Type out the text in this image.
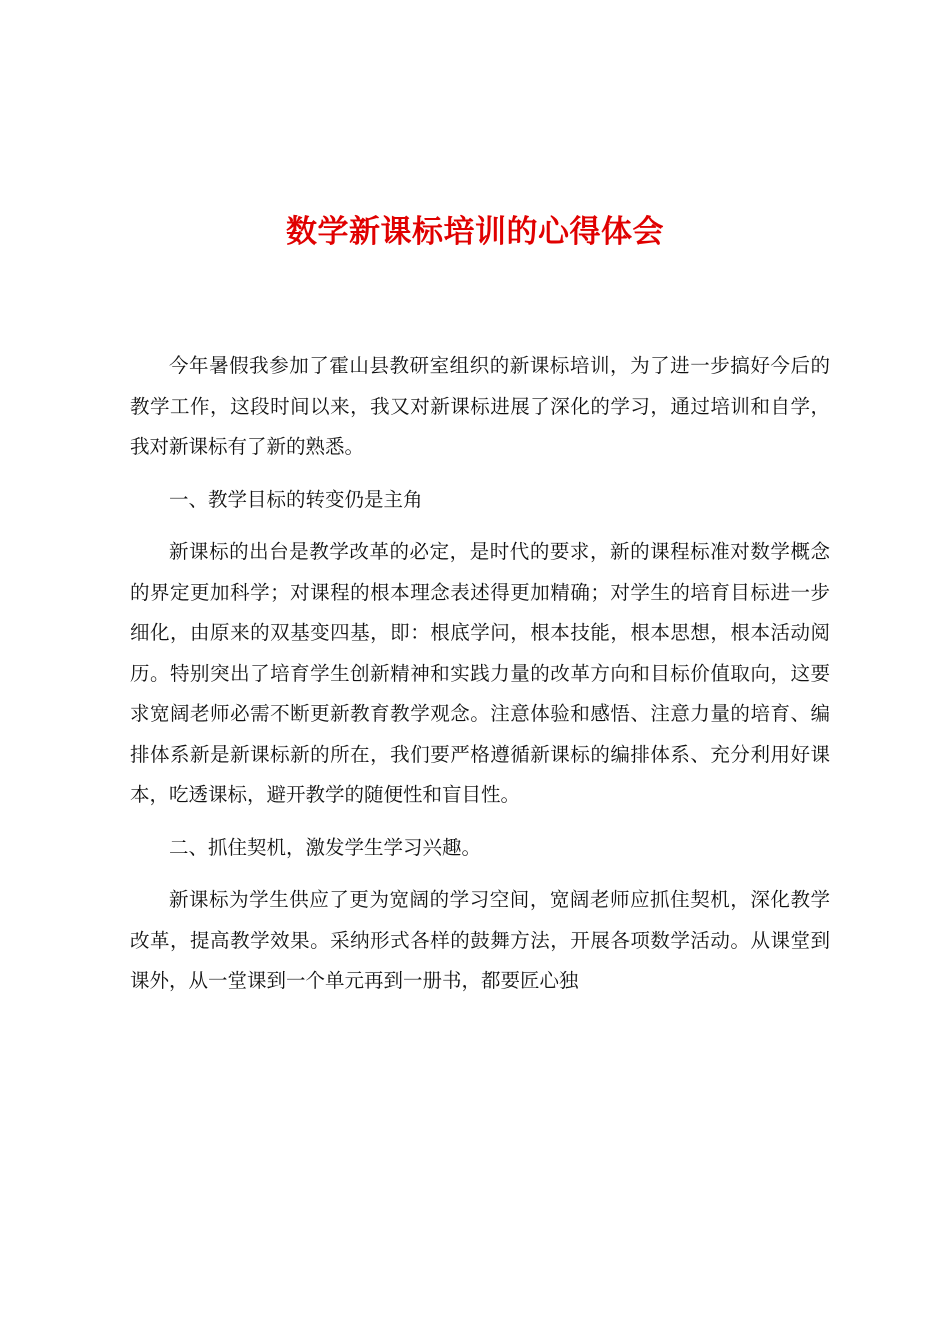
数学新课标培训的心得体会

今年暑假我参加了霍山县教研室组织的新课标培训，为了进一步搞好今后的教学工作，这段时间以来，我又对新课标进展了深化的学习，通过培训和自学，我对新课标有了新的熟悉。

一、教学目标的转变仍是主角

新课标的出台是教学改革的必定，是时代的要求，新的课程标准对数学概念的界定更加科学；对课程的根本理念表述得更加精确；对学生的培育目标进一步细化，由原来的双基变四基，即：根底学问，根本技能，根本思想，根本活动阅历。特别突出了培育学生创新精神和实践力量的改革方向和目标价值取向，这要求宽阔老师必需不断更新教育教学观念。注意体验和感悟、注意力量的培育、编排体系新是新课标新的所在，我们要严格遵循新课标的编排体系、充分利用好课本，吃透课标，避开教学的随便性和盲目性。

二、抓住契机，激发学生学习兴趣。

新课标为学生供应了更为宽阔的学习空间，宽阔老师应抓住契机，深化教学改革，提高教学效果。采纳形式各样的鼓舞方法，开展各项数学活动。从课堂到课外，从一堂课到一个单元再到一册书，都要匠心独
